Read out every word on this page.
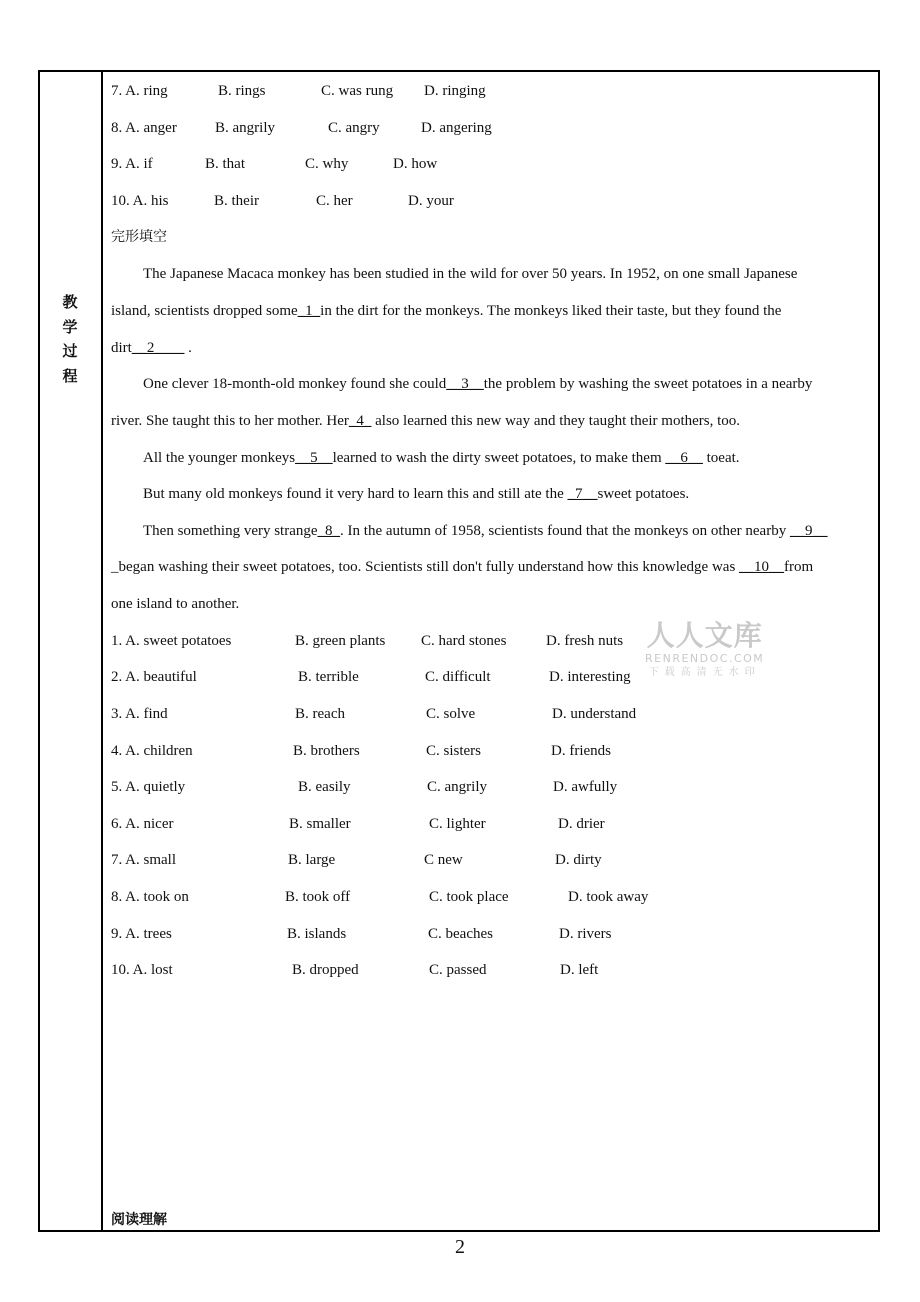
教
学
过
程
7. A. ring	B. rings	C. was rung D. ringing
8. A. anger	B. angrily	C. angry	D. angering
9. A. if	B. that	C. why	D. how
10. A. his	B. their	C. her	D. your
完形填空
The Japanese Macaca monkey has been studied in the wild for over 50 years. In 1952, on one small Japanese
island, scientists dropped some_1_in the dirt for the monkeys. The monkeys liked their taste, but they found the
dirt__2____ .
One clever 18-month-old monkey found she could__3__the problem by washing the sweet potatoes in a nearby
river. She taught this to her mother. Her_4_ also learned this new way and they taught their mothers, too.
All the younger monkeys__5__learned to wash the dirty sweet potatoes, to make them __6__ toeat.
But many old monkeys found it very hard to learn this and still ate the _7__sweet potatoes.
Then something very strange_8_. In the autumn of 1958, scientists found that the monkeys on other nearby __9__
_began washing their sweet potatoes, too. Scientists still don't fully understand how this knowledge was __10__from
one island to another.
1. A. sweet potatoes	B. green plants C. hard stones	D. fresh nuts
2. A. beautiful	B. terrible	C. difficult	D. interesting
3. A. find	B. reach	C. solve	D. understand
4. A. children	B. brothers	C. sisters	D. friends
5. A. quietly	B. easily	C. angrily	D. awfully
6. A. nicer	B. smaller	C. lighter	D. drier
7. A. small	B. large	C new	D. dirty
8. A. took on	B. took off	C. took place	D. took away
9. A. trees	B. islands	C. beaches	D. rivers
10. A. lost	B. dropped	C. passed	D. left
阅读理解
2
人人文库
RENRENDOC.COM
下载高清无水印
